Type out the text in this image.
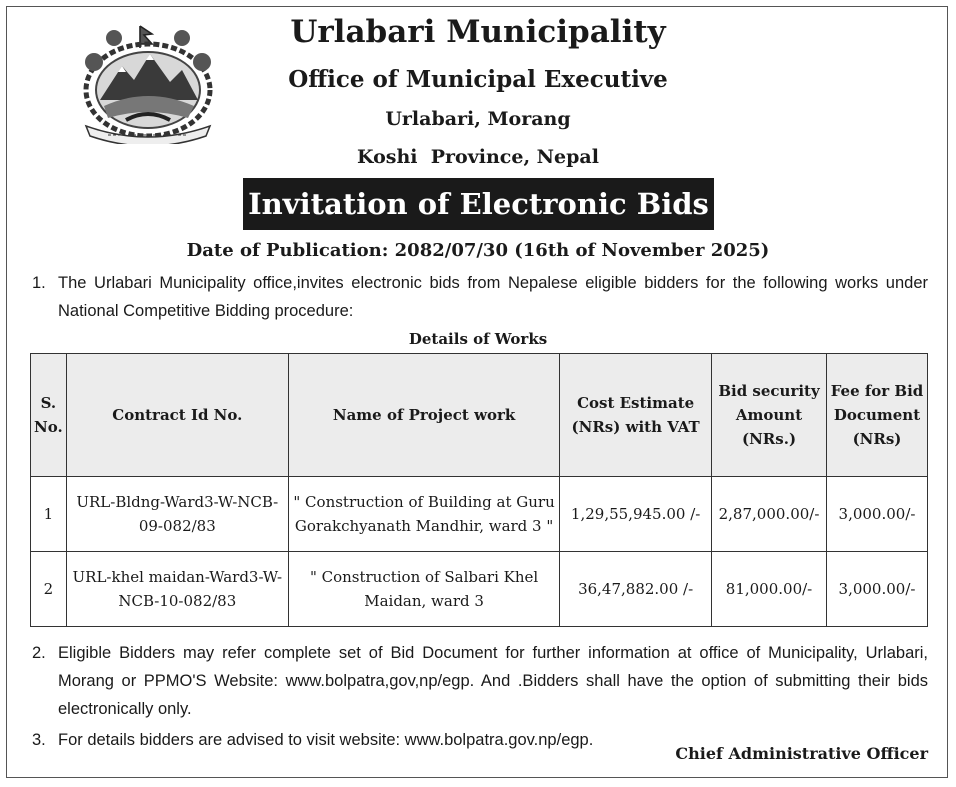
Urlabari Municipality
Office of Municipal Executive
Urlabari, Morang
Koshi  Province, Nepal
Invitation of Electronic Bids
Date of Publication: 2082/07/30 (16th of November 2025)
1. The Urlabari Municipality office,invites electronic bids from Nepalese eligible bidders for the following works under National Competitive Bidding procedure:
Details of Works
S. No.	Contract Id No.	Name of Project work	Cost Estimate (NRs) with VAT	Bid security Amount (NRs.)	Fee for Bid Document (NRs)
1	URL-Bldng-Ward3-W-NCB-09-082/83	" Construction of Building at Guru Gorakchyanath Mandhir, ward 3 "	1,29,55,945.00 /-	2,87,000.00/-	3,000.00/-
2	URL-khel maidan-Ward3-W-NCB-10-082/83	" Construction of Salbari Khel Maidan, ward 3	36,47,882.00 /-	81,000.00/-	3,000.00/-
2. Eligible Bidders may refer complete set of Bid Document for further information at office of Municipality, Urlabari, Morang or PPMO'S Website: www.bolpatra,gov,np/egp. And .Bidders shall have the option of submitting their bids electronically only.
3. For details bidders are advised to visit website: www.bolpatra.gov.np/egp.
Chief Administrative Officer
